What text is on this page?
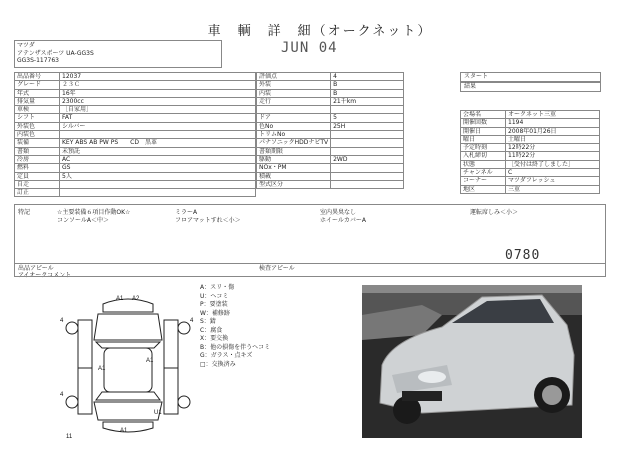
車　輌　詳　細（オークネット）
JUN 04
マツダ
アテンザスポーツ UA-GG3S
GG3S-117763
出品番号	12037
グレード	２３Ｃ
年式	16年
排気量	2300cc
車検	［自家用］
シフト	FAT
外装色	シルバー
内装色	
装備	KEY ABS AB PW PS　　CD　黒革
書類	未預託
冷房	AC
燃料	GS
定員	5人
自走	
訂正	
評価点	4
外装	B
内装	B
走行	21千km

ドア	5
色No	25H
トリムNo	
パナソニックHDDナビTV	
書類期限	
駆動	2WD
NOx・PM	
積載	
型式区分	
スタート
結果
会場名	オークネット三重
開催回数	1194
開催日	2008年01月26日
曜日	土曜日
予定時刻	12時22分
入札締切	11時22分
状態	［受付は終了しました］
チャンネル	C
コーナー	マツダフレッシュ
地区	三重
特記	☆主要装備６項目作動OK☆	ミラーA	室内異臭なし	運転席しみ＜小＞
コンソールA＜中＞	フロアマットすれ＜小＞	ホイールカバーA
0780
出品アピール	検査アピール
アイオークコメント
A：スリ・傷
U：ヘコミ
P：要塗装
W：補修跡
S：錆
C：腐食
X：要交換
B：他の損傷を伴うヘコミ
G：ガラス・点キズ
□：交換済み
A1 A2
A1
A1
A1
U1
4	4
4
11
